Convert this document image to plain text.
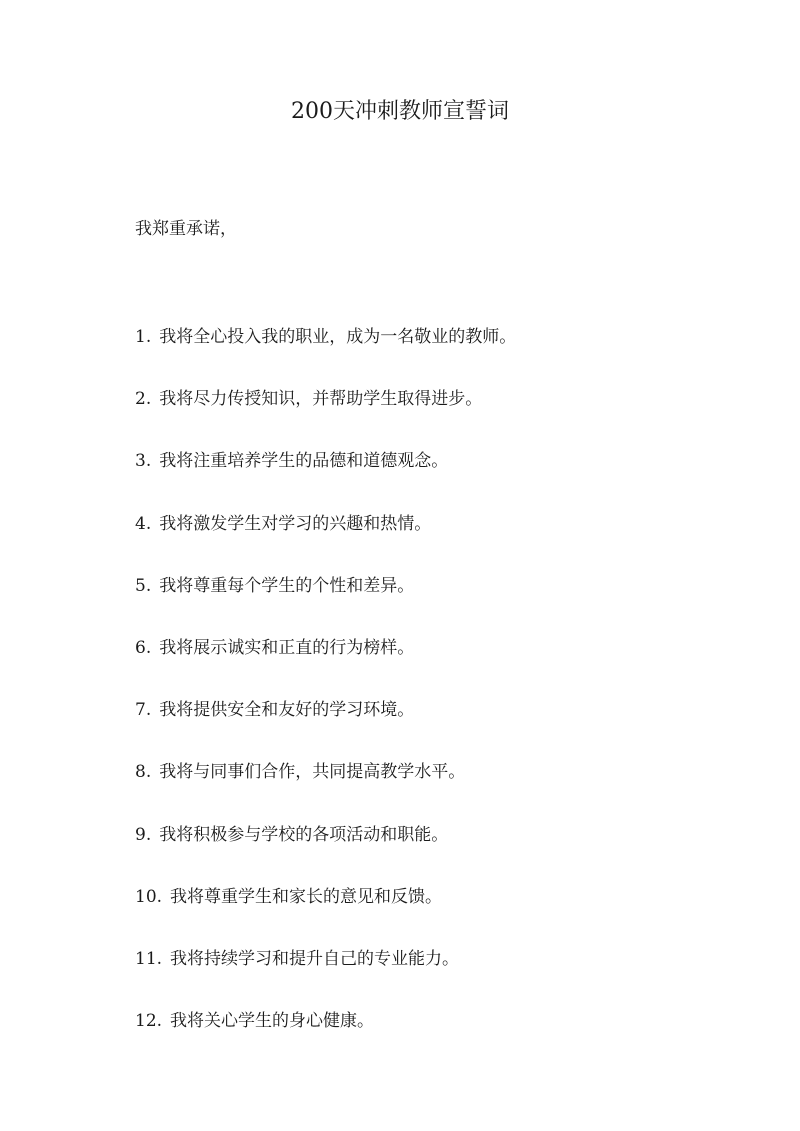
200天冲刺教师宣誓词
我郑重承诺，
1. 我将全心投入我的职业，成为一名敬业的教师。
2. 我将尽力传授知识，并帮助学生取得进步。
3. 我将注重培养学生的品德和道德观念。
4. 我将激发学生对学习的兴趣和热情。
5. 我将尊重每个学生的个性和差异。
6. 我将展示诚实和正直的行为榜样。
7. 我将提供安全和友好的学习环境。
8. 我将与同事们合作，共同提高教学水平。
9. 我将积极参与学校的各项活动和职能。
10. 我将尊重学生和家长的意见和反馈。
11. 我将持续学习和提升自己的专业能力。
12. 我将关心学生的身心健康。
